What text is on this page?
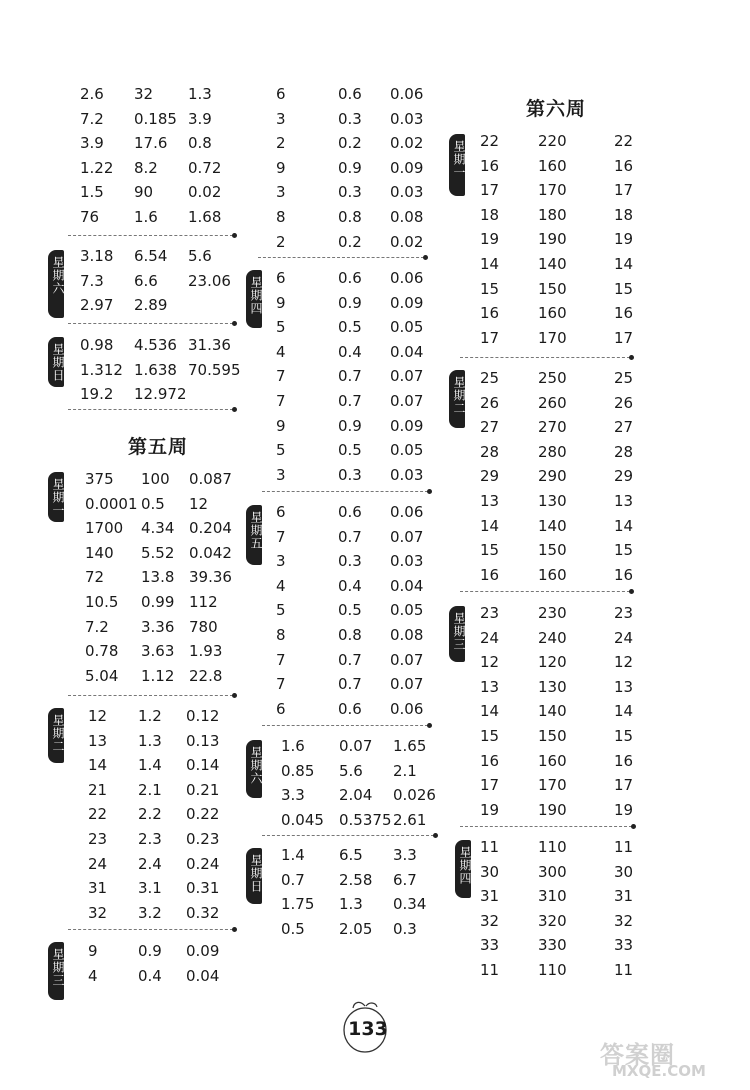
2.6 32 1.3
7.2 0.185 3.9
3.9 17.6 0.8
1.22 8.2 0.72
1.5 90 0.02
76 1.6 1.68
3.18 6.54 5.6
7.3 6.6 23.06
2.97 2.89
星期六
0.98 4.536 31.36
1.312 1.638 70.595
19.2 12.972
星期日
第五周
375 100 0.087
0.0001 0.5 12
1700 4.34 0.204
140 5.52 0.042
72 13.8 39.36
10.5 0.99 112
7.2 3.36 780
0.78 3.63 1.93
5.04 1.12 22.8
星期一
12 1.2 0.12
13 1.3 0.13
14 1.4 0.14
21 2.1 0.21
22 2.2 0.22
23 2.3 0.23
24 2.4 0.24
31 3.1 0.31
32 3.2 0.32
星期二
9	0.9 0.09
4	0.4 0.04
星期三
6	0.6 0.06
3	0.3 0.03
2	0.2 0.02
9	0.9 0.09
3	0.3 0.03
8	0.8 0.08
2	0.2 0.02
6	0.6 0.06
9	0.9 0.09
5	0.5 0.05
4	0.4 0.04
7	0.7 0.07
7	0.7 0.07
9	0.9 0.09
5	0.5 0.05
3	0.3 0.03
星期四
6	0.6 0.06
7	0.7 0.07
3	0.3 0.03
4	0.4 0.04
5	0.5 0.05
8	0.8 0.08
7	0.7 0.07
7	0.7 0.07
6	0.6 0.06
星期五
1.6 0.07 1.65
0.85 5.6 2.1
3.3 2.04 0.026
0.045 0.5375 2.61
星期六
1.4 6.5 3.3
0.7 2.58 6.7
1.75 1.3 0.34
0.5 2.05 0.3
星期日
第六周
22	220	22
16	160	16
17	170	17
18	180	18
19	190	19
14	140	14
15	150	15
16	160	16
17	170	17
星期一
25	250	25
26	260	26
27	270	27
28	280	28
29	290	29
13	130	13
14	140	14
15	150	15
16	160	16
星期二
23	230	23
24	240	24
12	120	12
13	130	13
14	140	14
15	150	15
16	160	16
17	170	17
19	190	19
星期三
11	110	11
30	300	30
31	310	31
32	320	32
33	330	33
11	110	11
星期四
133
答案圈
MXQE.COM
